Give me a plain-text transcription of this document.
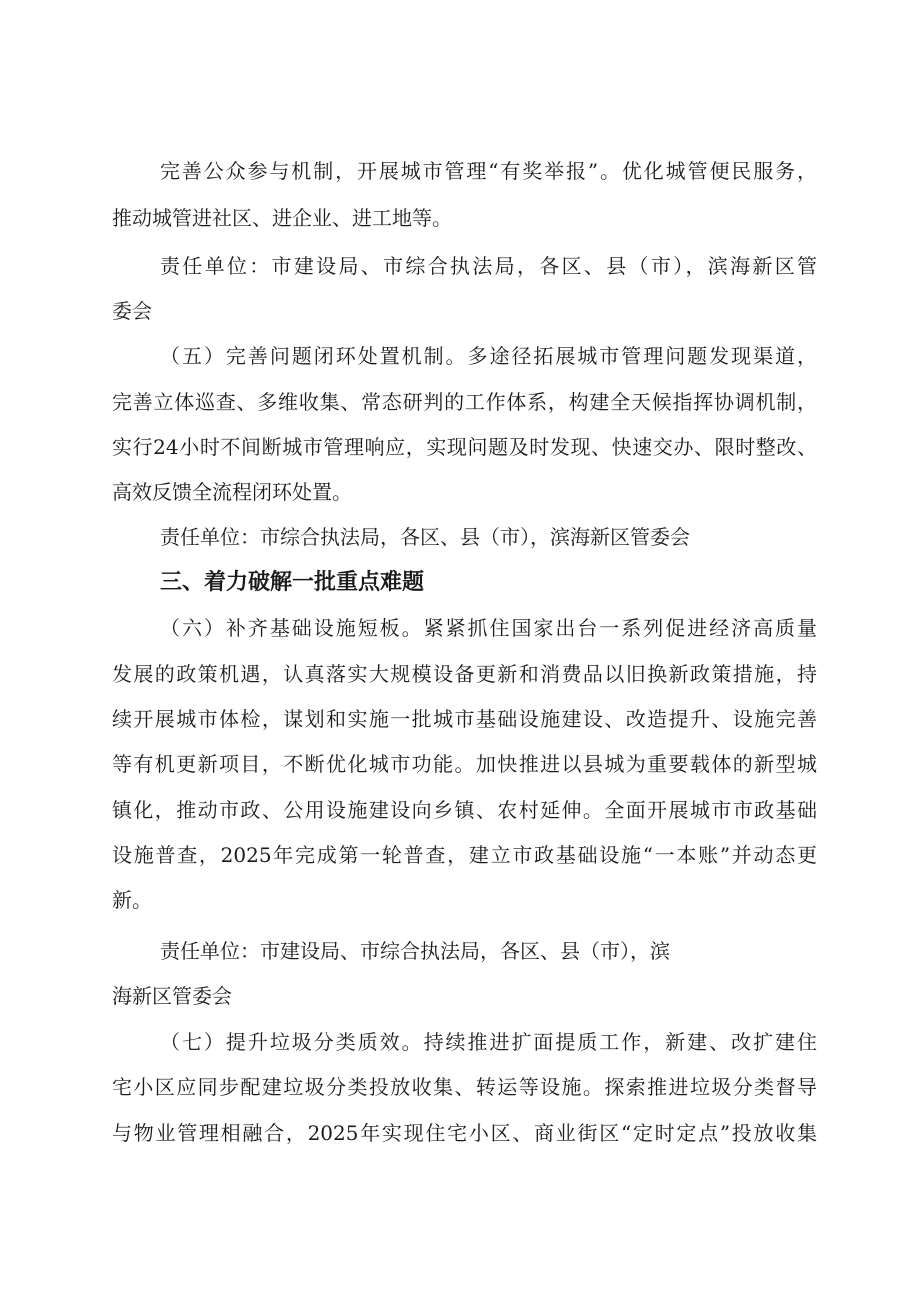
完善公众参与机制，开展城市管理“有奖举报”。优化城管便民服务，
推动城管进社区、进企业、进工地等。
责任单位：市建设局、市综合执法局，各区、县（市），滨海新区管
委会
（五）完善问题闭环处置机制。多途径拓展城市管理问题发现渠道，
完善立体巡查、多维收集、常态研判的工作体系，构建全天候指挥协调机制，
实行24小时不间断城市管理响应，实现问题及时发现、快速交办、限时整改、
高效反馈全流程闭环处置。
责任单位：市综合执法局，各区、县（市），滨海新区管委会
三、着力破解一批重点难题
（六）补齐基础设施短板。紧紧抓住国家出台一系列促进经济高质量
发展的政策机遇，认真落实大规模设备更新和消费品以旧换新政策措施，持
续开展城市体检，谋划和实施一批城市基础设施建设、改造提升、设施完善
等有机更新项目，不断优化城市功能。加快推进以县城为重要载体的新型城
镇化，推动市政、公用设施建设向乡镇、农村延伸。全面开展城市市政基础
设施普查，2025年完成第一轮普查，建立市政基础设施“一本账”并动态更
新。
责任单位：市建设局、市综合执法局，各区、县（市），滨
海新区管委会
（七）提升垃圾分类质效。持续推进扩面提质工作，新建、改扩建住
宅小区应同步配建垃圾分类投放收集、转运等设施。探索推进垃圾分类督导
与物业管理相融合，2025年实现住宅小区、商业街区“定时定点”投放收集
